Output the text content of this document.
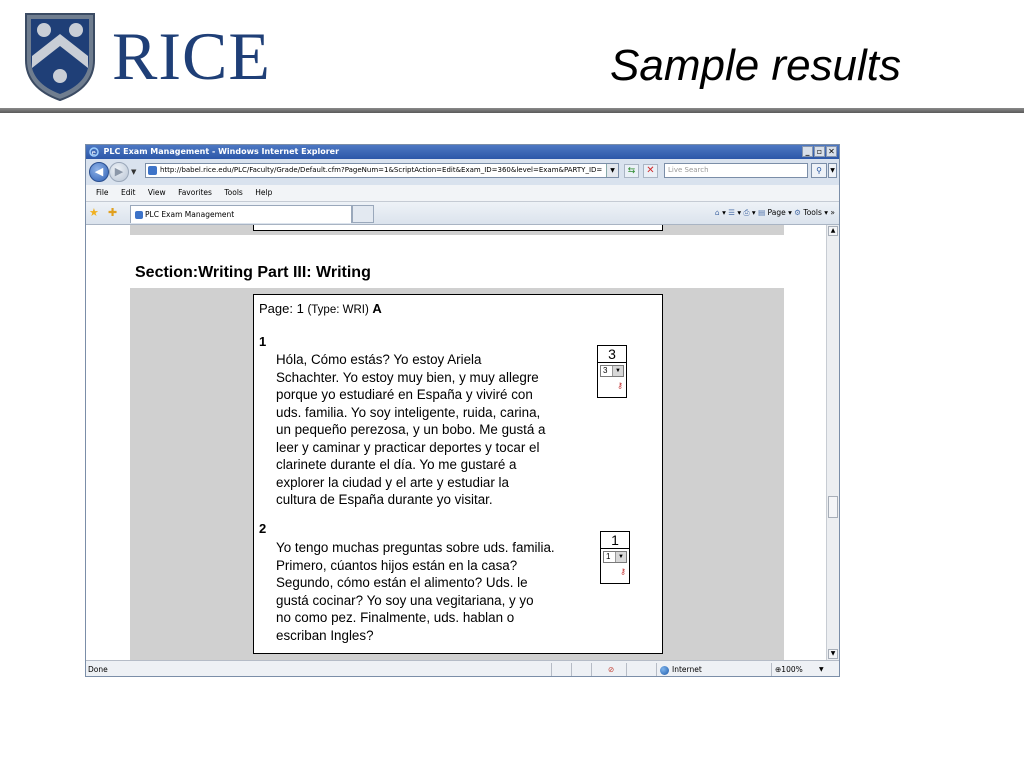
RICE	Sample results
e PLC Exam Management - Windows Internet Explorer	_ ▫ ✕
◀	▶	▼	http://babel.rice.edu/PLC/Faculty/Grade/Default.cfm?PageNum=1&ScriptAction=Edit&Exam_ID=360&level=Exam&PARTY_ID=	▼	⇆	✕	Live Search	⚲	▼
File Edit View Favorites Tools Help
★ ✚	PLC Exam Management	⌂ ▾ ☰ ▾ ⎙ ▾ ▤ Page ▾ ⚙ Tools ▾ »
Section:Writing Part III: Writing
Page: 1 (Type: WRI) A
1
Hóla, Cómo estás? Yo estoy Ariela
Schachter. Yo estoy muy bien, y muy allegre
porque yo estudiaré en España y viviré con
uds. familia. Yo soy inteligente, ruida, carina,
un pequeño perezosa, y un bobo. Me gustá a
leer y caminar y practicar deportes y tocar el
clarinete durante el día. Yo me gustaré a
explorer la ciudad y el arte y estudiar la
cultura de España durante yo visitar.
3
3	▼
⚷
2
Yo tengo muchas preguntas sobre uds. familia.
Primero, cúantos hijos están en la casa?
Segundo, cómo están el alimento? Uds. le
gustá cocinar? Yo soy una vegitariana, y yo
no como pez. Finalmente, uds. hablan o
escriban Ingles?
1
1	▼
⚷
▲
▼
Done	⊘	Internet	⊕100%	▼
